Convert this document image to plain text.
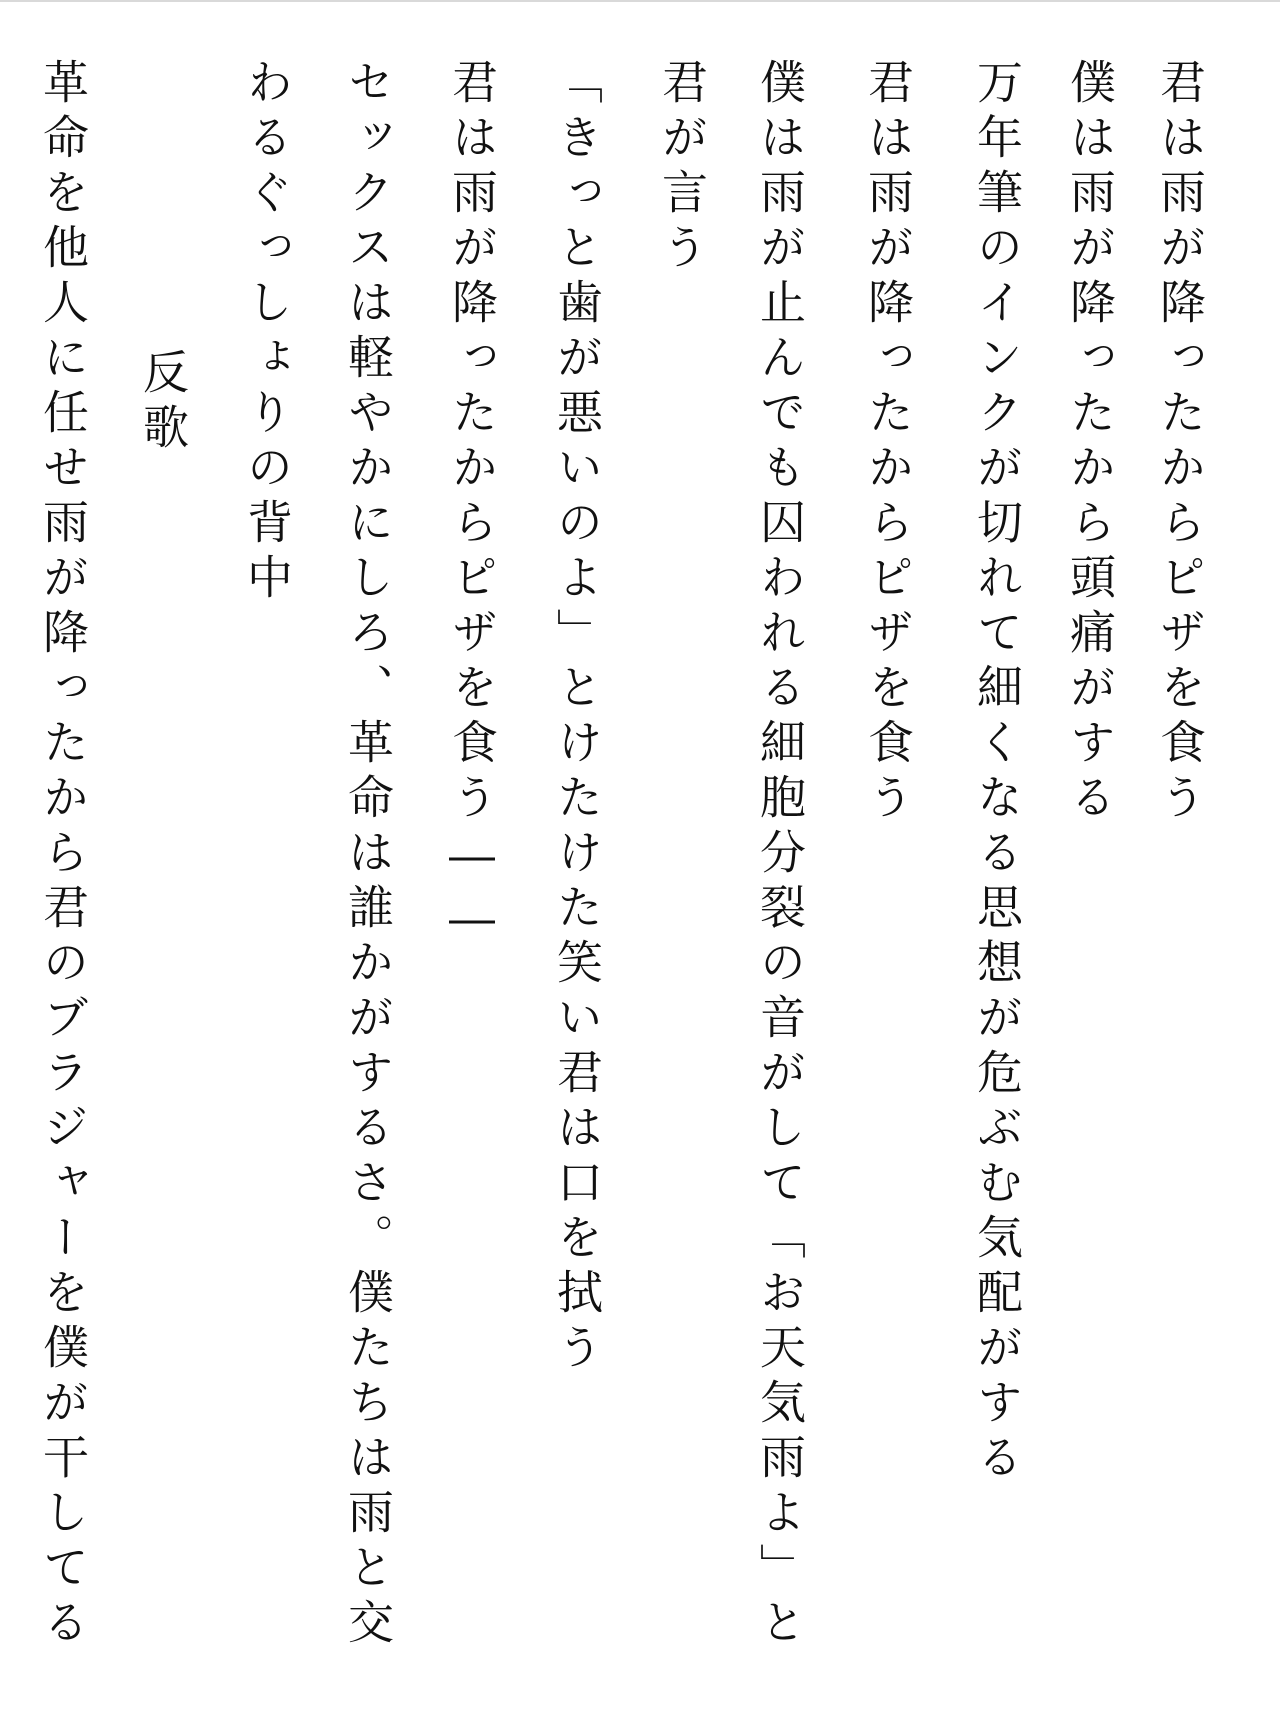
君は雨が降ったからピザを食う
僕は雨が降ったから頭痛がする
万年筆のインクが切れて細くなる思想が危ぶむ気配がする
君は雨が降ったからピザを食う
僕は雨が止んでも囚われる細胞分裂の音がして「お天気雨よ」と
君が言う
「きっと歯が悪いのよ」とけたけた笑い君は口を拭う
君は雨が降ったからピザを食う――
セックスは軽やかにしろ、革命は誰かがするさ。僕たちは雨と交
わるぐっしょりの背中
反歌
革命を他人に任せ雨が降ったから君のブラジャーを僕が干してる
